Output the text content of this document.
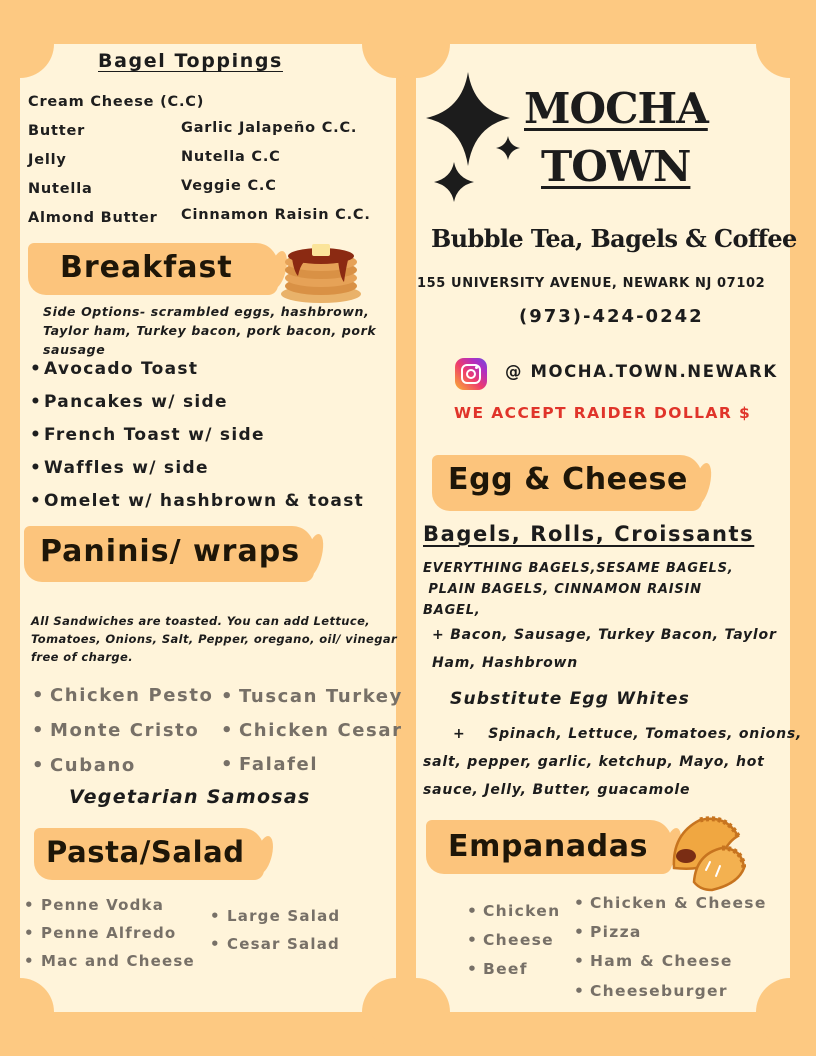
Bagel Toppings
Cream Cheese (C.C)
Butter
Jelly
Nutella
Almond Butter
Garlic Jalapeño C.C.
Nutella C.C
Veggie C.C
Cinnamon Raisin C.C.
Breakfast
Side Options- scrambled eggs, hashbrown, Taylor ham, Turkey bacon, pork bacon, pork sausage
• Avocado Toast
• Pancakes w/ side
• French Toast w/ side
• Waffles w/ side
• Omelet w/ hashbrown & toast
Paninis/ wraps
All Sandwiches are toasted. You can add Lettuce, Tomatoes, Onions, Salt, Pepper, oregano, oil/ vinegar free of charge.
• Chicken Pesto
• Monte Cristo
• Cubano
• Tuscan Turkey
• Chicken Cesar
• Falafel
Vegetarian Samosas
Pasta/Salad
• Penne Vodka
• Penne Alfredo
• Mac and Cheese
• Large Salad
• Cesar Salad
MOCHA
TOWN
Bubble Tea, Bagels & Coffee
155 UNIVERSITY AVENUE, NEWARK NJ 07102
(973)-424-0242
@ MOCHA.TOWN.NEWARK
WE ACCEPT RAIDER DOLLAR $
Egg & Cheese
Bagels, Rolls, Croissants
EVERYTHING BAGELS,SESAME BAGELS,
PLAIN BAGELS, CINNAMON RAISIN
BAGEL,
+ Bacon, Sausage, Turkey Bacon, Taylor
Ham, Hashbrown
Substitute Egg Whites
+    Spinach, Lettuce, Tomatoes, onions,
salt, pepper, garlic, ketchup, Mayo, hot
sauce, Jelly, Butter, guacamole
Empanadas
• Chicken
• Cheese
• Beef
• Chicken & Cheese
• Pizza
• Ham & Cheese
• Cheeseburger
